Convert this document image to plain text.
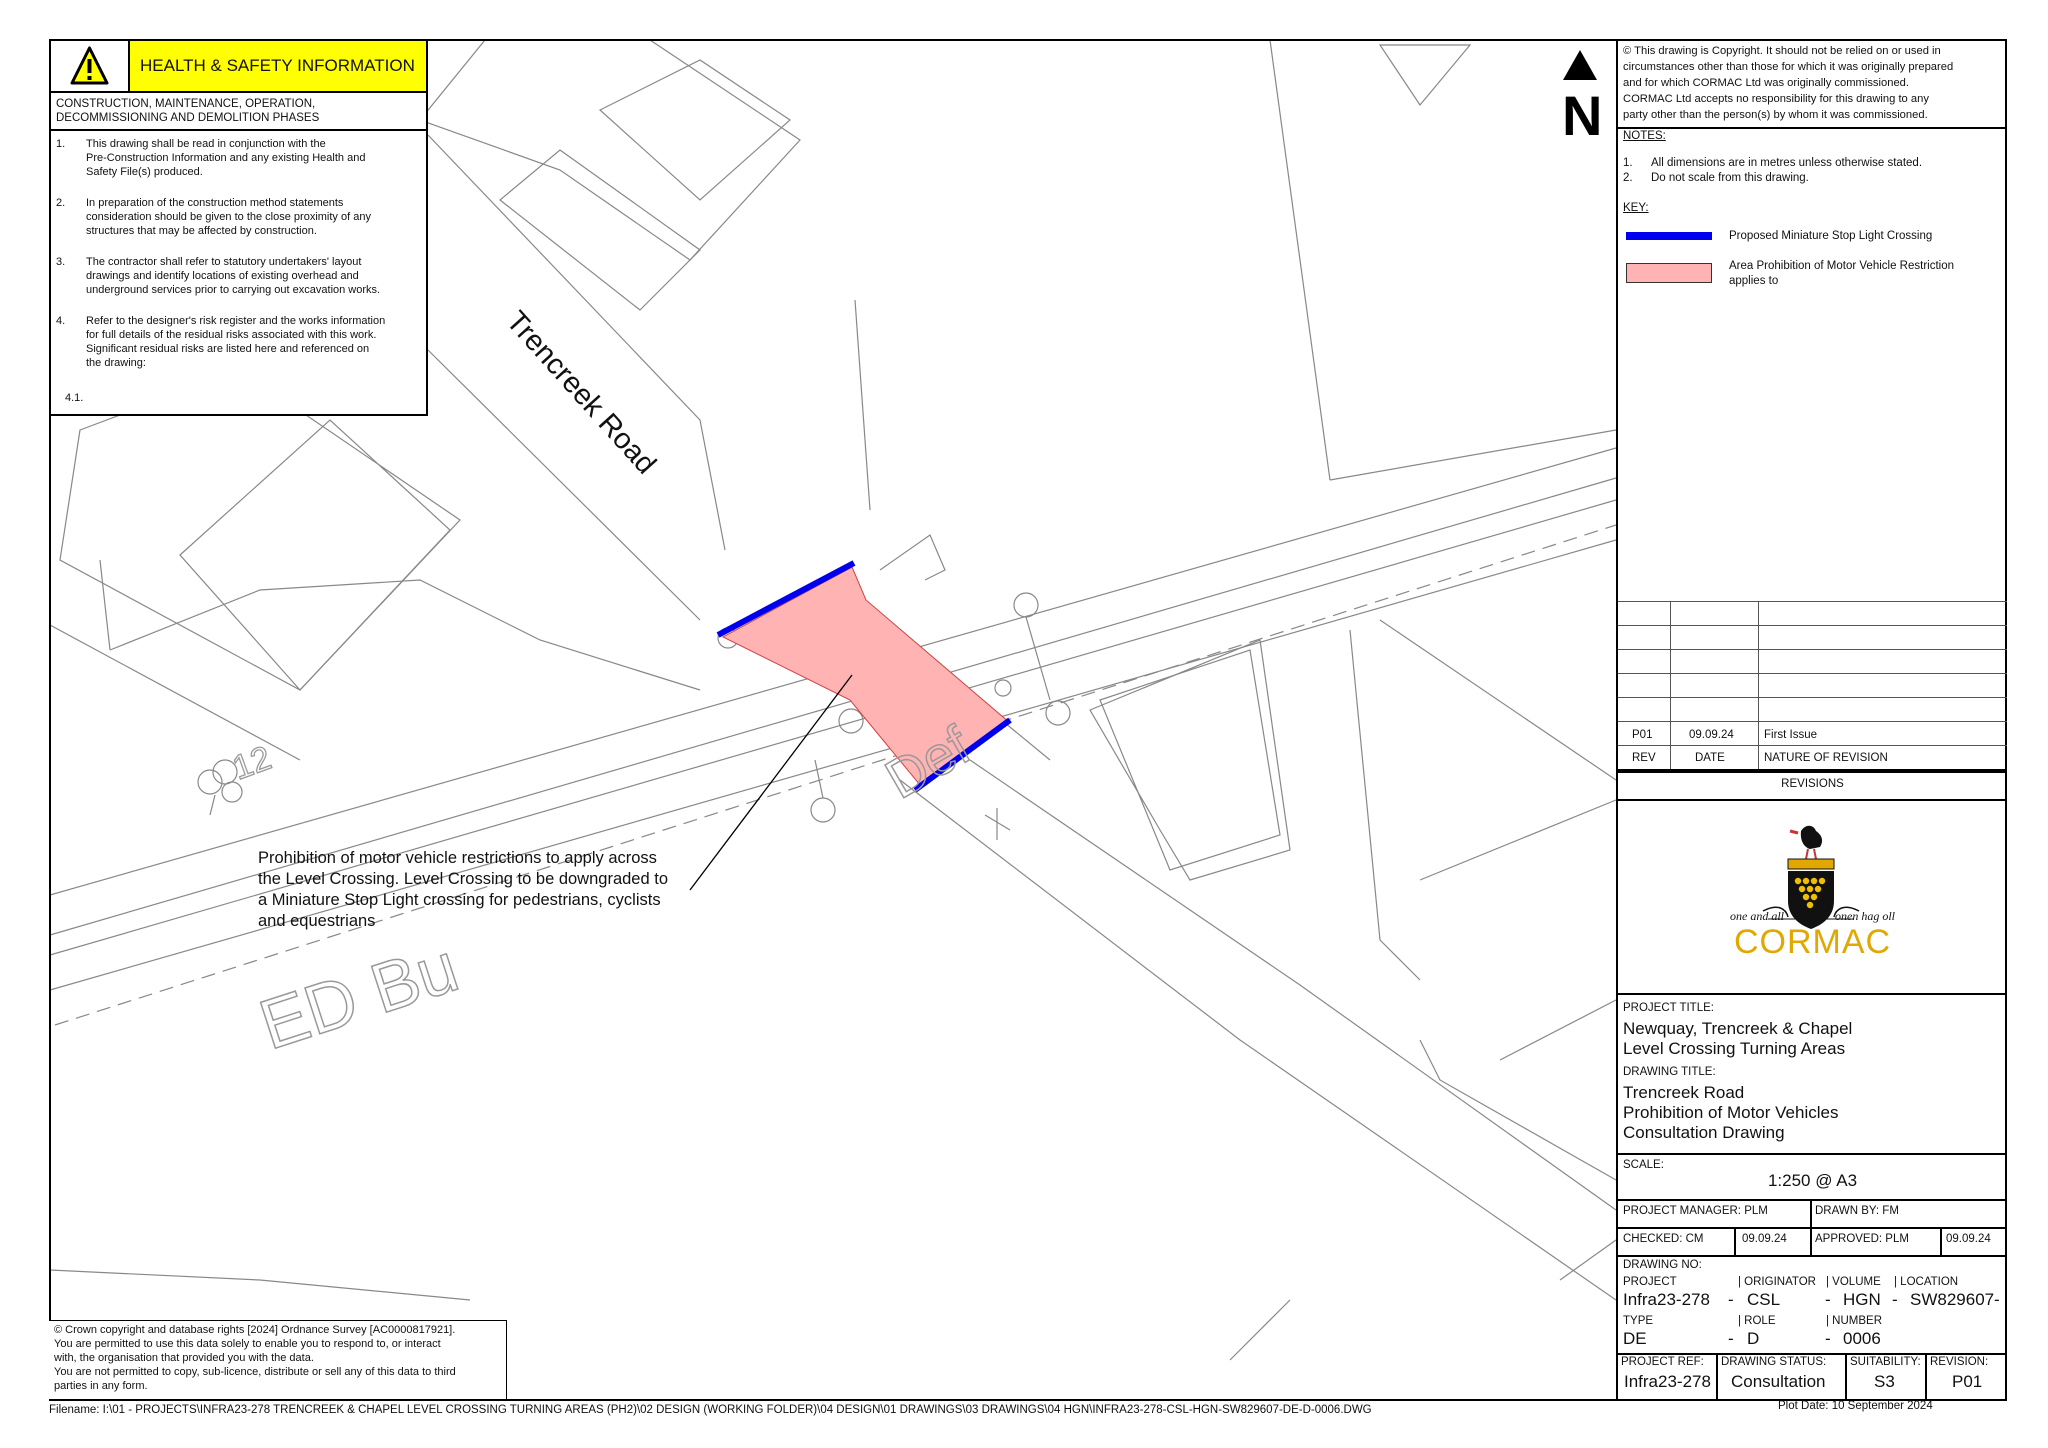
ED Bu
Def
12
Trencreek Road
N
Prohibition of motor vehicle restrictions to apply across
the Level Crossing. Level Crossing to be downgraded to
a Miniature Stop Light crossing for pedestrians, cyclists
and equestrians
HEALTH & SAFETY INFORMATION
CONSTRUCTION, MAINTENANCE, OPERATION,
DECOMMISSIONING AND DEMOLITION PHASES
1. This drawing shall be read in conjunction with the
Pre-Construction Information and any existing Health and
Safety File(s) produced.
2. In preparation of the construction method statements
consideration should be given to the close proximity of any
structures that may be affected by construction.
3. The contractor shall refer to statutory undertakers' layout
drawings and identify locations of existing overhead and
underground services prior to carrying out excavation works.
4. Refer to the designer's risk register and the works information
for full details of the residual risks associated with this work.
Significant residual risks are listed here and referenced on
the drawing:
4.1.
© Crown copyright and database rights [2024] Ordnance Survey [AC0000817921].
You are permitted to use this data solely to enable you to respond to, or interact
with, the organisation that provided you with the data.
You are not permitted to copy, sub-licence, distribute or sell any of this data to third
parties in any form.
© This drawing is Copyright. It should not be relied on or used in
circumstances other than those for which it was originally prepared
and for which CORMAC Ltd was originally commissioned.
CORMAC Ltd accepts no responsibility for this drawing to any
party other than the person(s) by whom it was commissioned.
NOTES:
1. All dimensions are in metres unless otherwise stated.
2. Do not scale from this drawing.
KEY:
Proposed Miniature Stop Light Crossing
Area Prohibition of Motor Vehicle Restriction
applies to
P01	09.09.24	First Issue
REV	DATE	NATURE OF REVISION
REVISIONS
one and all	onen hag oll
CORMAC
PROJECT TITLE:
Newquay, Trencreek & Chapel
Level Crossing Turning Areas
DRAWING TITLE:
Trencreek Road
Prohibition of Motor Vehicles
Consultation Drawing
SCALE:
1:250 @ A3
PROJECT MANAGER: PLM	DRAWN BY: FM
CHECKED: CM	09.09.24 APPROVED: PLM	09.09.24
DRAWING NO:
PROJECT	| ORIGINATOR | VOLUME | LOCATION
Infra23-278 - CSL	- HGN - SW829607 -
TYPE	| ROLE	| NUMBER
DE	- D	- 0006
PROJECT REF: DRAWING STATUS: SUITABILITY: REVISION:
Infra23-278 Consultation	S3	P01
Filename: I:\01 - PROJECTS\INFRA23-278 TRENCREEK & CHAPEL LEVEL CROSSING TURNING AREAS (PH2)\02 DESIGN (WORKING FOLDER)\04 DESIGN\01 DRAWINGS\03 DRAWINGS\04 HGN\INFRA23-278-CSL-HGN-SW829607-DE-D-0006.DWG	Plot Date: 10 September 2024
